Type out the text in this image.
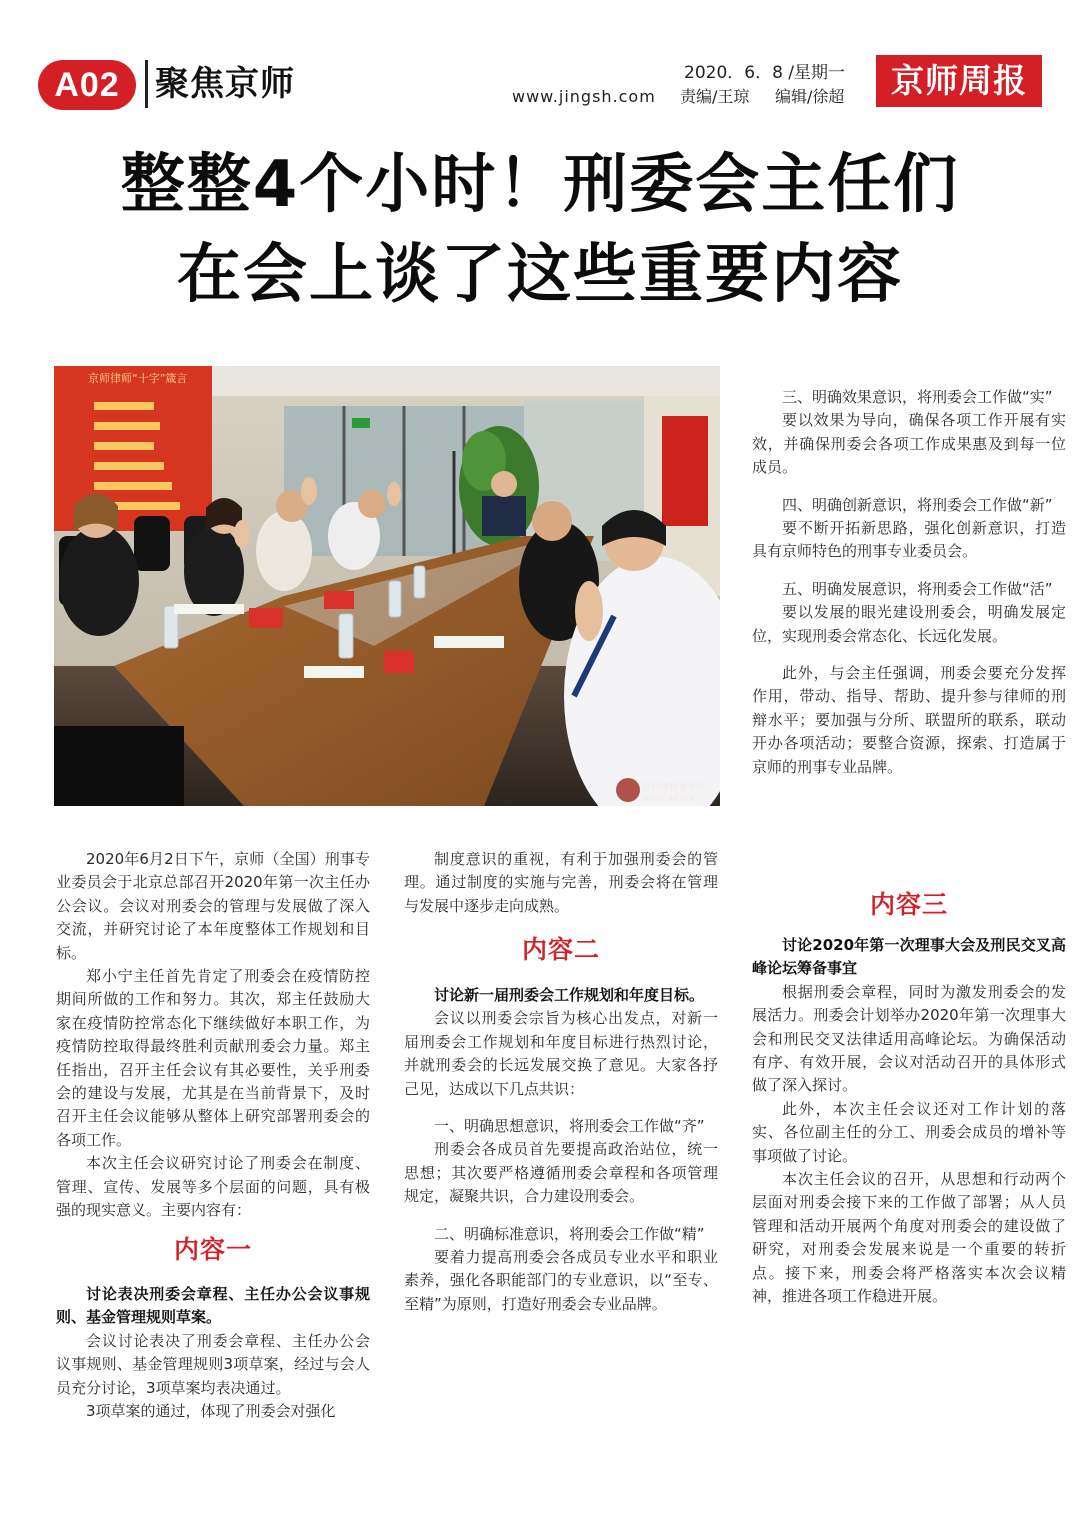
A02	聚焦京师	2020．6．8 /星期一
www.jingsh.com 责编/王琼 编辑/徐超	京师周报
整整4个小时！刑委会主任们
在会上谈了这些重要内容
京师律师“十字”箴言
京师律师事务所
JINGSH LAW FIRM

2020年6月2日下午，京师（全国）刑事专业委员会于北京总部召开2020年第一次主任办公会议。会议对刑委会的管理与发展做了深入交流，并研究讨论了本年度整体工作规划和目标。

郑小宁主任首先肯定了刑委会在疫情防控期间所做的工作和努力。其次，郑主任鼓励大家在疫情防控常态化下继续做好本职工作，为疫情防控取得最终胜利贡献刑委会力量。郑主任指出，召开主任会议有其必要性，关乎刑委会的建设与发展，尤其是在当前背景下，及时召开主任会议能够从整体上研究部署刑委会的各项工作。

本次主任会议研究讨论了刑委会在制度、管理、宣传、发展等多个层面的问题，具有极强的现实意义。主要内容有：

内容一

讨论表决刑委会章程、主任办公会议事规则、基金管理规则草案。

会议讨论表决了刑委会章程、主任办公会议事规则、基金管理规则3项草案，经过与会人员充分讨论，3项草案均表决通过。

3项草案的通过，体现了刑委会对强化

制度意识的重视，有利于加强刑委会的管理。通过制度的实施与完善，刑委会将在管理与发展中逐步走向成熟。

内容二

讨论新一届刑委会工作规划和年度目标。

会议以刑委会宗旨为核心出发点，对新一届刑委会工作规划和年度目标进行热烈讨论，并就刑委会的长远发展交换了意见。大家各抒己见，达成以下几点共识：

一、明确思想意识，将刑委会工作做“齐”

刑委会各成员首先要提高政治站位，统一思想；其次要严格遵循刑委会章程和各项管理规定，凝聚共识，合力建设刑委会。

二、明确标准意识，将刑委会工作做“精”

要着力提高刑委会各成员专业水平和职业素养，强化各职能部门的专业意识，以“至专、至精”为原则，打造好刑委会专业品牌。

三、明确效果意识，将刑委会工作做“实”

要以效果为导向，确保各项工作开展有实效，并确保刑委会各项工作成果惠及到每一位成员。

四、明确创新意识，将刑委会工作做“新”

要不断开拓新思路，强化创新意识，打造具有京师特色的刑事专业委员会。

五、明确发展意识，将刑委会工作做“活”

要以发展的眼光建设刑委会，明确发展定位，实现刑委会常态化、长远化发展。

此外，与会主任强调，刑委会要充分发挥作用，带动、指导、帮助、提升参与律师的刑辩水平；要加强与分所、联盟所的联系，联动开办各项活动；要整合资源，探索、打造属于京师的刑事专业品牌。

内容三

讨论2020年第一次理事大会及刑民交叉高峰论坛筹备事宜

根据刑委会章程，同时为激发刑委会的发展活力。刑委会计划举办2020年第一次理事大会和刑民交叉法律适用高峰论坛。为确保活动有序、有效开展，会议对活动召开的具体形式做了深入探讨。

此外，本次主任会议还对工作计划的落实、各位副主任的分工、刑委会成员的增补等事项做了讨论。

本次主任会议的召开，从思想和行动两个层面对刑委会接下来的工作做了部署；从人员管理和活动开展两个角度对刑委会的建设做了研究，对刑委会发展来说是一个重要的转折点。接下来，刑委会将严格落实本次会议精神，推进各项工作稳进开展。
